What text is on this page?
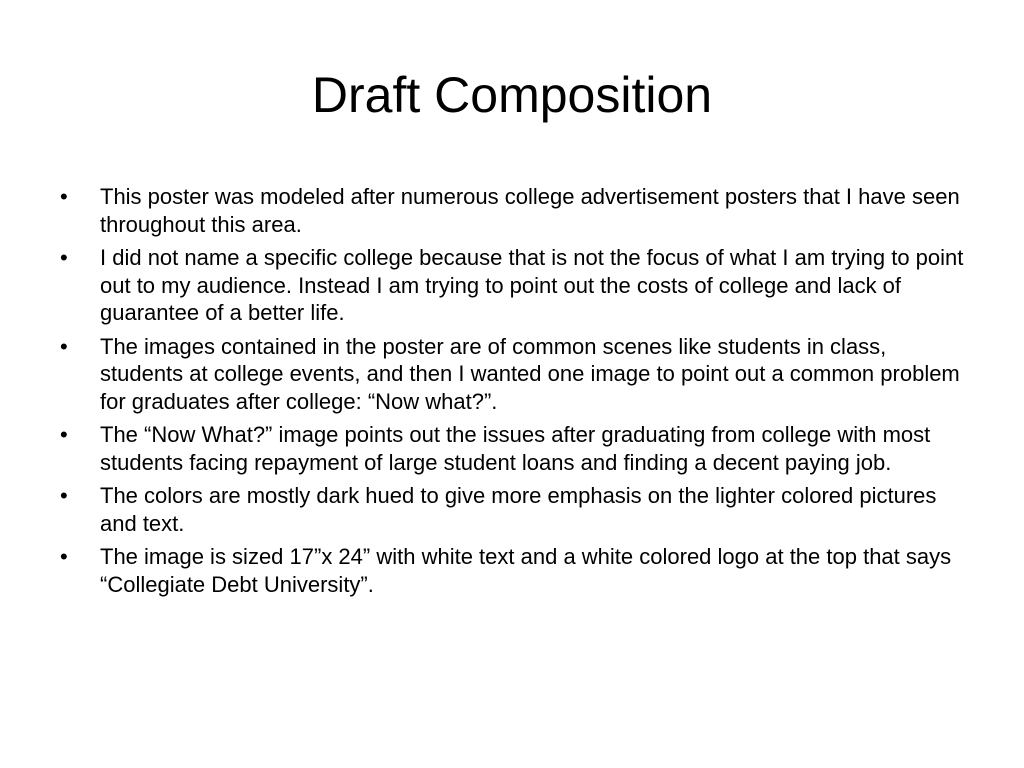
Draft Composition
•	This poster was modeled after numerous college advertisement posters that I have seen throughout this area.
•	I did not name a specific college because that is not the focus of what I am trying to point out to my audience. Instead I am trying to point out the costs of college and lack of guarantee of a better life.
•	The images contained in the poster are of common scenes like students in class, students at college events, and then I wanted one image to point out a common problem for graduates after college: “Now what?”.
•	The “Now What?” image points out the issues after graduating from college with most students facing repayment of large student loans and finding a decent paying job.
•	The colors are mostly dark hued to give more emphasis on the lighter colored pictures and text.
•	The image is sized 17”x 24” with white text and a white colored logo at the top that says “Collegiate Debt University”.
